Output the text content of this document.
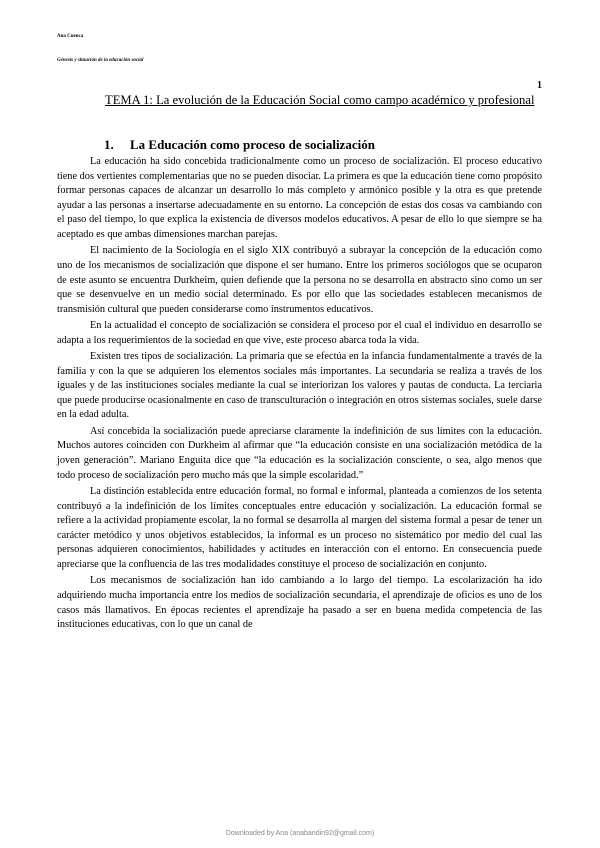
Ana Cuenca
Génesis y situación de la educación social
1
TEMA 1: La evolución de la Educación Social como campo académico y profesional
1. La Educación como proceso de socialización

La educación ha sido concebida tradicionalmente como un proceso de socialización. El proceso educativo tiene dos vertientes complementarias que no se pueden disociar. La primera es que la educación tiene como propósito formar personas capaces de alcanzar un desarrollo lo más completo y armónico posible y la otra es que pretende ayudar a las personas a insertarse adecuadamente en su entorno. La concepción de estas dos cosas va cambiando con el paso del tiempo, lo que explica la existencia de diversos modelos educativos. A pesar de ello lo que siempre se ha aceptado es que ambas dimensiones marchan parejas.

El nacimiento de la Sociología en el siglo XIX contribuyó a subrayar la concepción de la educación como uno de los mecanismos de socialización que dispone el ser humano. Entre los primeros sociólogos que se ocuparon de este asunto se encuentra Durkheim, quien defiende que la persona no se desarrolla en abstracto sino como un ser que se desenvuelve en un medio social determinado. Es por ello que las sociedades establecen mecanismos de transmisión cultural que pueden considerarse como instrumentos educativos.

En la actualidad el concepto de socialización se considera el proceso por el cual el individuo en desarrollo se adapta a los requerimientos de la sociedad en que vive, este proceso abarca toda la vida.

Existen tres tipos de socialización. La primaria que se efectúa en la infancia fundamentalmente a través de la familia y con la que se adquieren los elementos sociales más importantes. La secundaria se realiza a través de los iguales y de las instituciones sociales mediante la cual se interiorizan los valores y pautas de conducta. La terciaria que puede producirse ocasionalmente en caso de transculturación o integración en otros sistemas sociales, suele darse en la edad adulta.

Así concebida la socialización puede apreciarse claramente la indefinición de sus límites con la educación. Muchos autores coinciden con Durkheim al afirmar que “la educación consiste en una socialización metódica de la joven generación”. Mariano Enguita dice que “la educación es la socialización consciente, o sea, algo menos que todo proceso de socialización pero mucho más que la simple escolaridad.”

La distinción establecida entre educación formal, no formal e informal, planteada a comienzos de los setenta contribuyó a la indefinición de los límites conceptuales entre educación y socialización. La educación formal se refiere a la actividad propiamente escolar, la no formal se desarrolla al margen del sistema formal a pesar de tener un carácter metódico y unos objetivos establecidos, la informal es un proceso no sistemático por medio del cual las personas adquieren conocimientos, habilidades y actitudes en interacción con el entorno. En consecuencia puede apreciarse que la confluencia de las tres modalidades constituye el proceso de socialización en conjunto.

Los mecanismos de socialización han ido cambiando a lo largo del tiempo. La escolarización ha ido adquiriendo mucha importancia entre los medios de socialización secundaria, el aprendizaje de oficios es uno de los casos más llamativos. En épocas recientes el aprendizaje ha pasado a ser en buena medida competencia de las instituciones educativas, con lo que un canal de

Downloaded by Ana (anabandin92@gmail.com)
